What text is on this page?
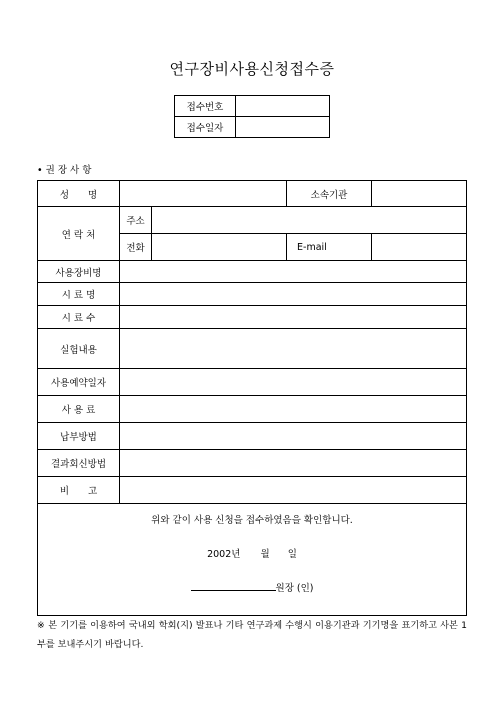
연구장비사용신청접수증
접수번호	
접수일자	
• 권 장 사 항
성　　명			소속기관	
연 락 처	주소			
	전화		E-mail	
사용장비명				
시 료 명				
시 료 수				
실험내용				
사용예약일자				
사 용 료				
납부방법				
결과회신방법				
비　　고				

위와 같이 사용 신청을 접수하였음을 확인합니다.
2002년 월 일
원장 (인)				
※ 본 기기를 이용하여 국내외 학회(지) 발표나 기타 연구과제 수행시 이용기관과 기기명을 표기하고 사본 1부를 보내주시기 바랍니다.
